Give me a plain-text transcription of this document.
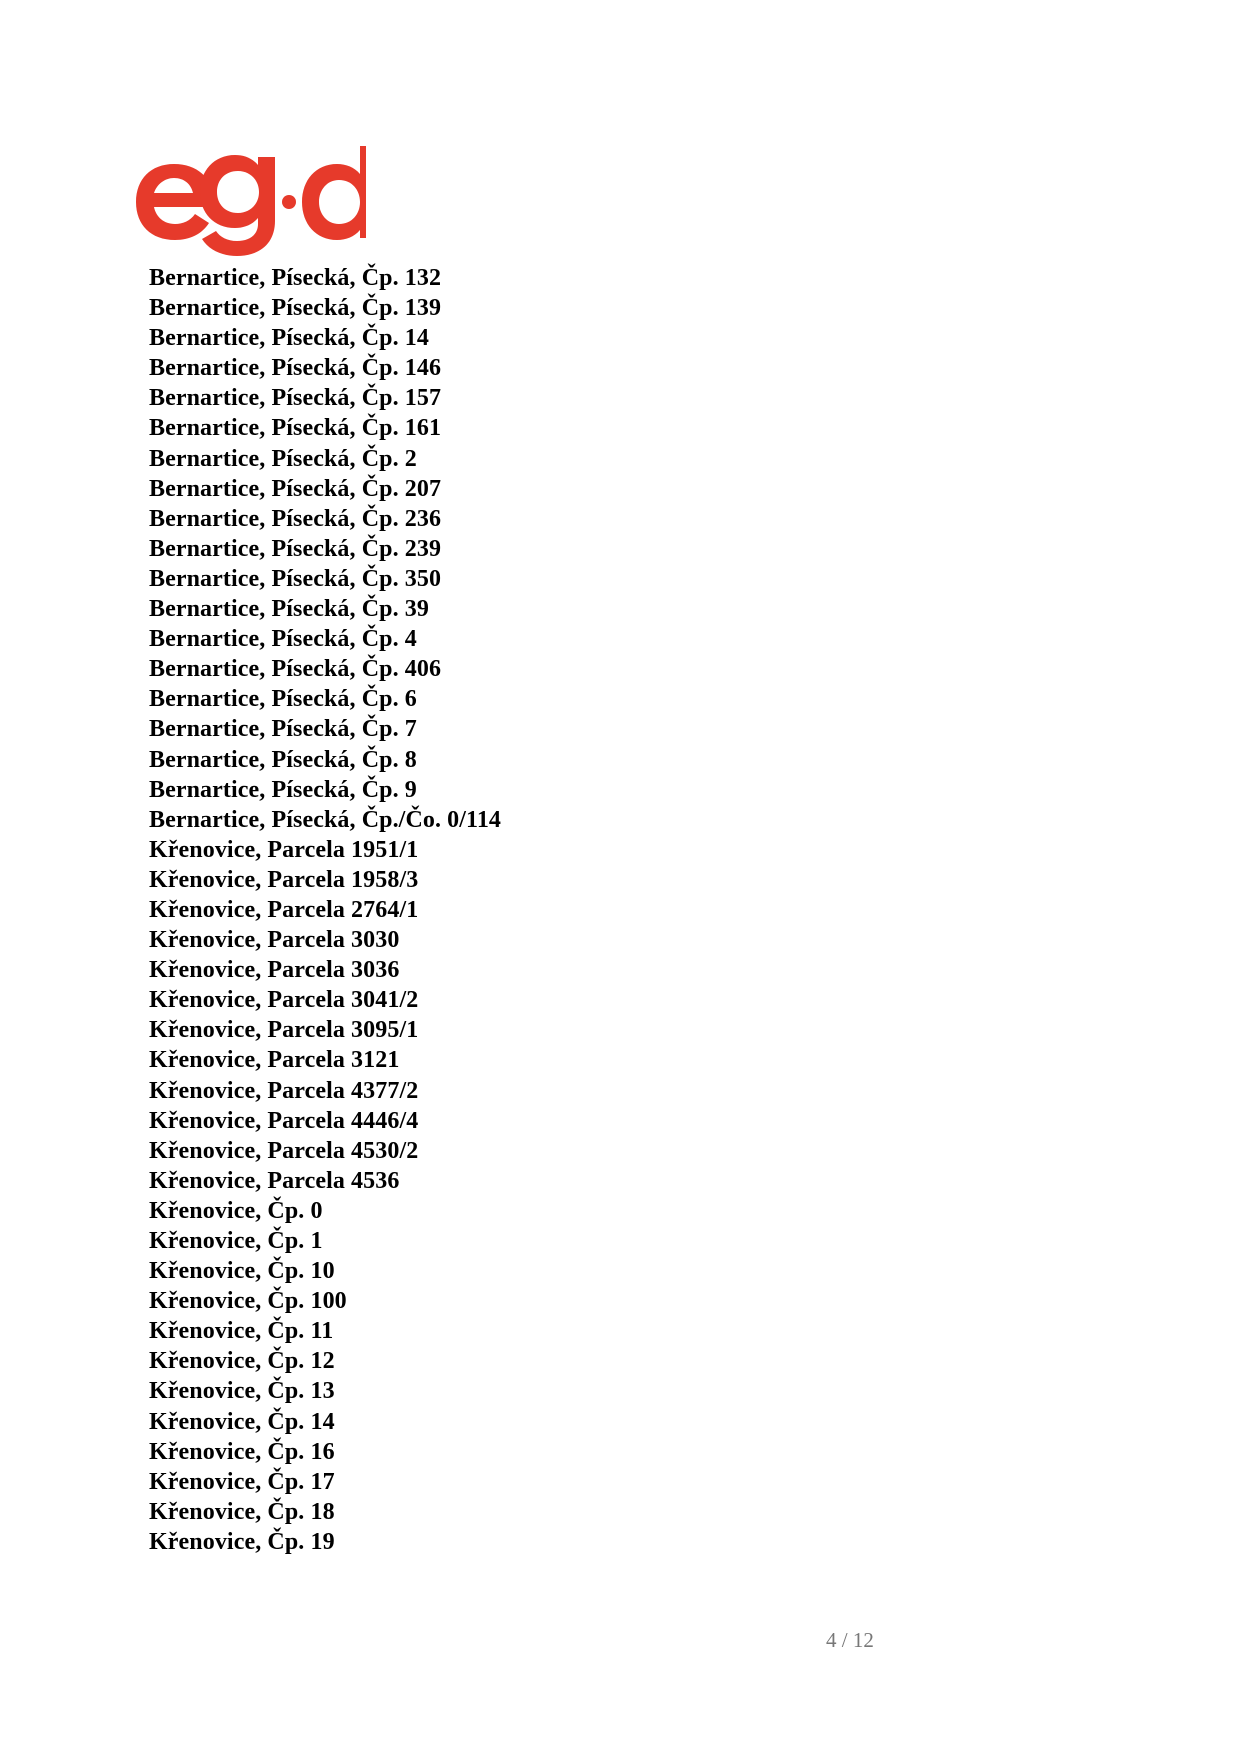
Bernartice, Písecká, Čp. 132
Bernartice, Písecká, Čp. 139
Bernartice, Písecká, Čp. 14
Bernartice, Písecká, Čp. 146
Bernartice, Písecká, Čp. 157
Bernartice, Písecká, Čp. 161
Bernartice, Písecká, Čp. 2
Bernartice, Písecká, Čp. 207
Bernartice, Písecká, Čp. 236
Bernartice, Písecká, Čp. 239
Bernartice, Písecká, Čp. 350
Bernartice, Písecká, Čp. 39
Bernartice, Písecká, Čp. 4
Bernartice, Písecká, Čp. 406
Bernartice, Písecká, Čp. 6
Bernartice, Písecká, Čp. 7
Bernartice, Písecká, Čp. 8
Bernartice, Písecká, Čp. 9
Bernartice, Písecká, Čp./Čo. 0/114
Křenovice, Parcela 1951/1
Křenovice, Parcela 1958/3
Křenovice, Parcela 2764/1
Křenovice, Parcela 3030
Křenovice, Parcela 3036
Křenovice, Parcela 3041/2
Křenovice, Parcela 3095/1
Křenovice, Parcela 3121
Křenovice, Parcela 4377/2
Křenovice, Parcela 4446/4
Křenovice, Parcela 4530/2
Křenovice, Parcela 4536
Křenovice, Čp. 0
Křenovice, Čp. 1
Křenovice, Čp. 10
Křenovice, Čp. 100
Křenovice, Čp. 11
Křenovice, Čp. 12
Křenovice, Čp. 13
Křenovice, Čp. 14
Křenovice, Čp. 16
Křenovice, Čp. 17
Křenovice, Čp. 18
Křenovice, Čp. 19
4 / 12
